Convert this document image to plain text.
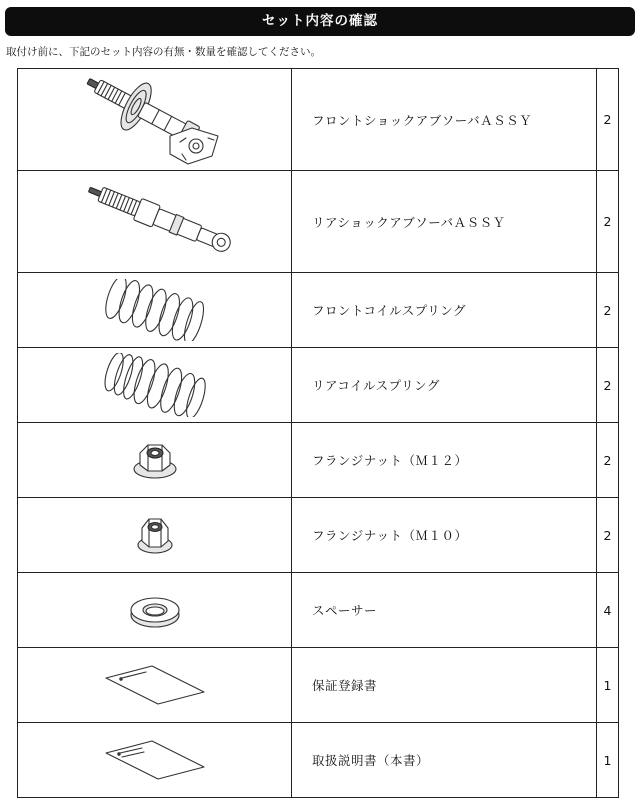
セット内容の確認
取付け前に、下記のセット内容の有無・数量を確認してください。
	フロントショックアブソーバＡＳＳＹ	2

	リアショックアブソーバＡＳＳＹ	2

	フロントコイルスプリング	2

	リアコイルスプリング	2

	フランジナット（Ｍ１２）	2

	フランジナット（Ｍ１０）	2

	スペーサー	4

	保証登録書	1

	取扱説明書（本書）	1
